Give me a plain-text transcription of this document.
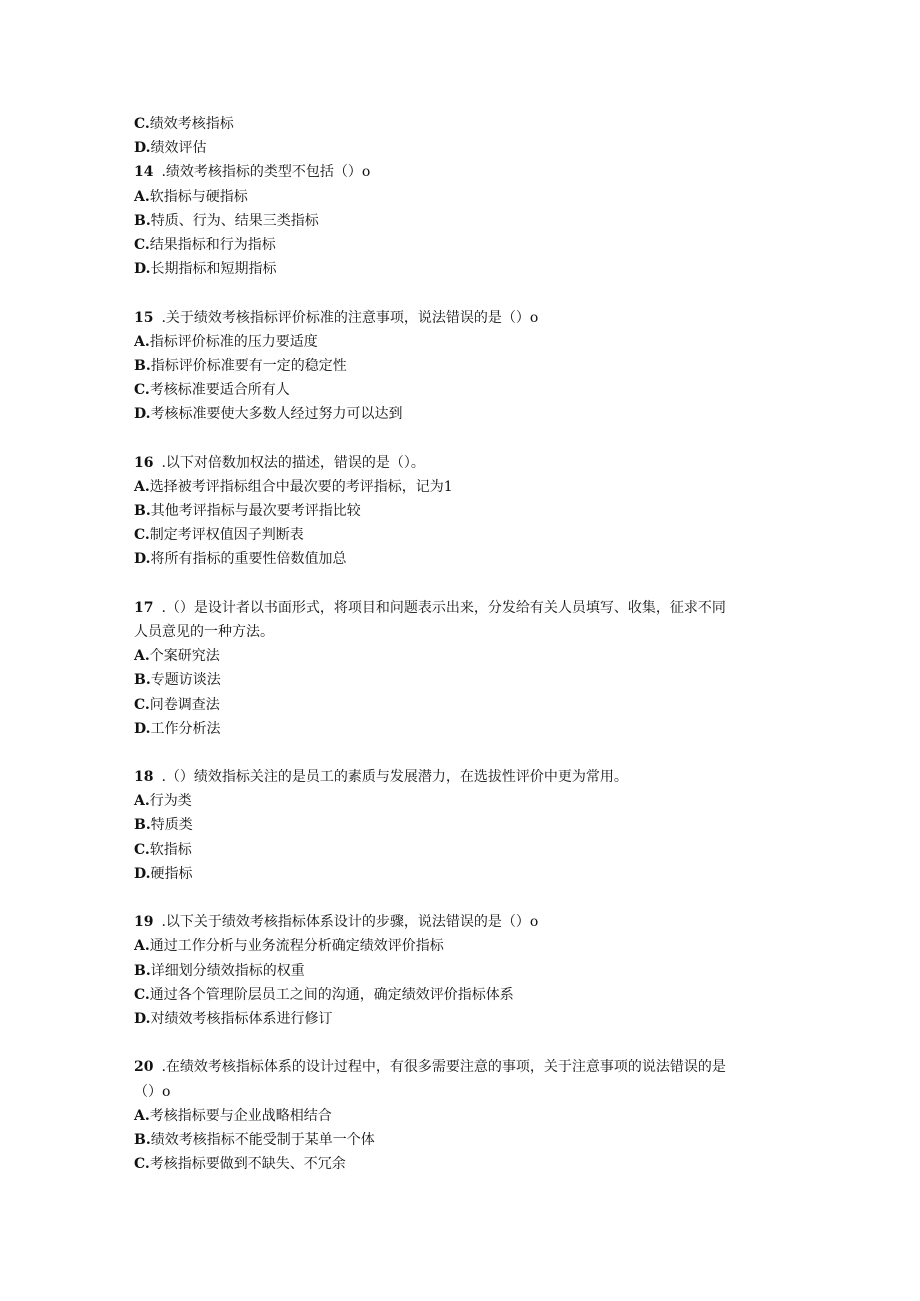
C.绩效考核指标
D.绩效评估
14 .绩效考核指标的类型不包括（）o
A.软指标与硬指标
B.特质、行为、结果三类指标
C.结果指标和行为指标
D.长期指标和短期指标
15 .关于绩效考核指标评价标准的注意事项，说法错误的是（）o
A.指标评价标准的压力要适度
B.指标评价标准要有一定的稳定性
C.考核标准要适合所有人
D.考核标准要使大多数人经过努力可以达到
16 .以下对倍数加权法的描述，错误的是（）。
A.选择被考评指标组合中最次要的考评指标，记为1
B.其他考评指标与最次要考评指比较
C.制定考评权值因子判断表
D.将所有指标的重要性倍数值加总
17 .（）是设计者以书面形式，将项目和问题表示出来，分发给有关人员填写、收集，征求不同
人员意见的一种方法。
A.个案研究法
B.专题访谈法
C.问卷调查法
D.工作分析法
18 .（）绩效指标关注的是员工的素质与发展潜力，在选拔性评价中更为常用。
A.行为类
B.特质类
C.软指标
D.硬指标
19 .以下关于绩效考核指标体系设计的步骤，说法错误的是（）o
A.通过工作分析与业务流程分析确定绩效评价指标
B.详细划分绩效指标的权重
C.通过各个管理阶层员工之间的沟通，确定绩效评价指标体系
D.对绩效考核指标体系进行修订
20 .在绩效考核指标体系的设计过程中，有很多需要注意的事项，关于注意事项的说法错误的是
（）o
A.考核指标要与企业战略相结合
B.绩效考核指标不能受制于某单一个体
C.考核指标要做到不缺失、不冗余
